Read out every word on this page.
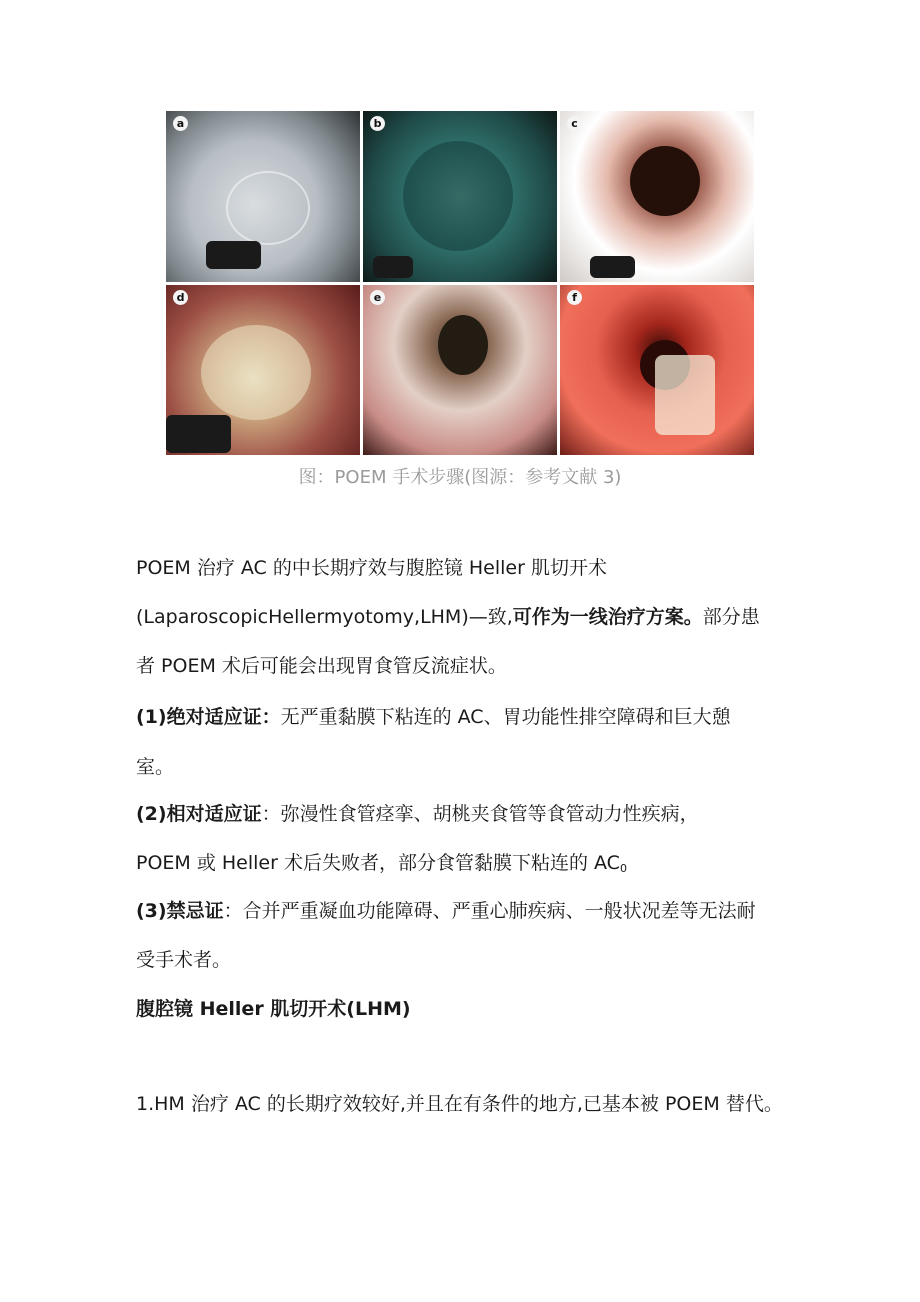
a	b	c
d	e	f
图：POEM 手术步骤(图源：参考文献 3)

POEM 治疗 AC 的中长期疗效与腹腔镜 Heller 肌切开术

(LaparoscopicHellermyotomy,LHM)—致,可作为一线治疗方案。部分患

者 POEM 术后可能会出现胃食管反流症状。

(1)绝对适应证：无严重黏膜下粘连的 AC、胃功能性排空障碍和巨大憩

室。

(2)相对适应证：弥漫性食管痉挛、胡桃夹食管等食管动力性疾病，

POEM 或 Heller 术后失败者，部分食管黏膜下粘连的 $AC_0$

(3)禁忌证：合并严重凝血功能障碍、严重心肺疾病、一般状况差等无法耐

受手术者。

腹腔镜 Heller 肌切开术(LHM)

1.HM 治疗 AC 的长期疗效较好,并且在有条件的地方,已基本被 POEM 替代。
